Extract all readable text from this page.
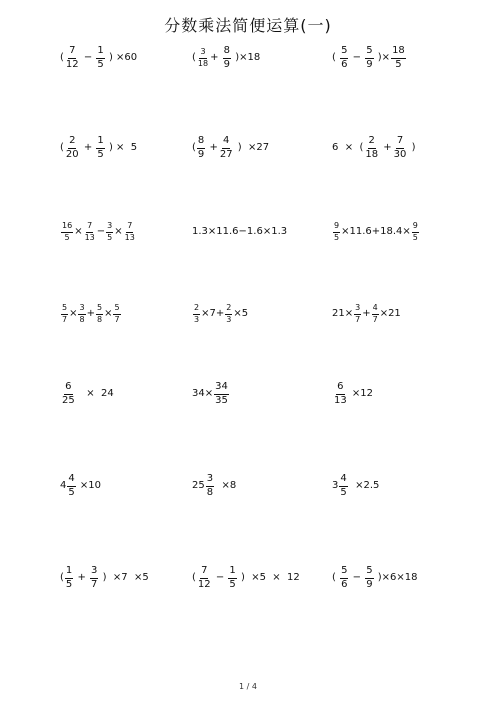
分数乘法简便运算(一)
( $\frac{7}{12} - \frac{1}{5}$ ) ×60	( $\frac{3}{18} + \frac{8}{9} )\times 18$	( $\frac{5}{6} - \frac{5}{9}$ )× $\frac{18}{5}$
( $\frac{2}{20} + \frac{1}{5}$ ) ×  5	( $\frac{8}{9} + \frac{4}{27}$ )  ×27	6  ×  ( $\frac{2}{18} + \frac{7}{30}$ )
$\frac{16}{5} \times \frac{7}{13} - \frac{3}{5} \times \frac{7}{13}$	1.3×11.6−1.6×1.3	$\frac{9}{5} \times 11.6+18.4\times \frac{9}{5}$
$\frac{5}{7} \times \frac{3}{8} + \frac{5}{8} \times \frac{5}{7}$	$\frac{2}{3} \times 7+ \frac{2}{3} \times 5$	$21\times \frac{3}{7} + \frac{4}{7} \times 21$
$\frac{6}{25} \times 24$	$34\times \frac{34}{35}$	$\frac{6}{13} \times 12$
$4 \frac{4}{5} \times 10$	$25 \frac{3}{8} \times 8$	$3 \frac{4}{5} \times 2.5$
( $\frac{1}{5} + \frac{3}{7}$ )  ×7  ×5	( $\frac{7}{12} - \frac{1}{5}$ )  ×5  ×  12	( $\frac{5}{6} - \frac{5}{9} )\times 6\times 18$
1 / 4
